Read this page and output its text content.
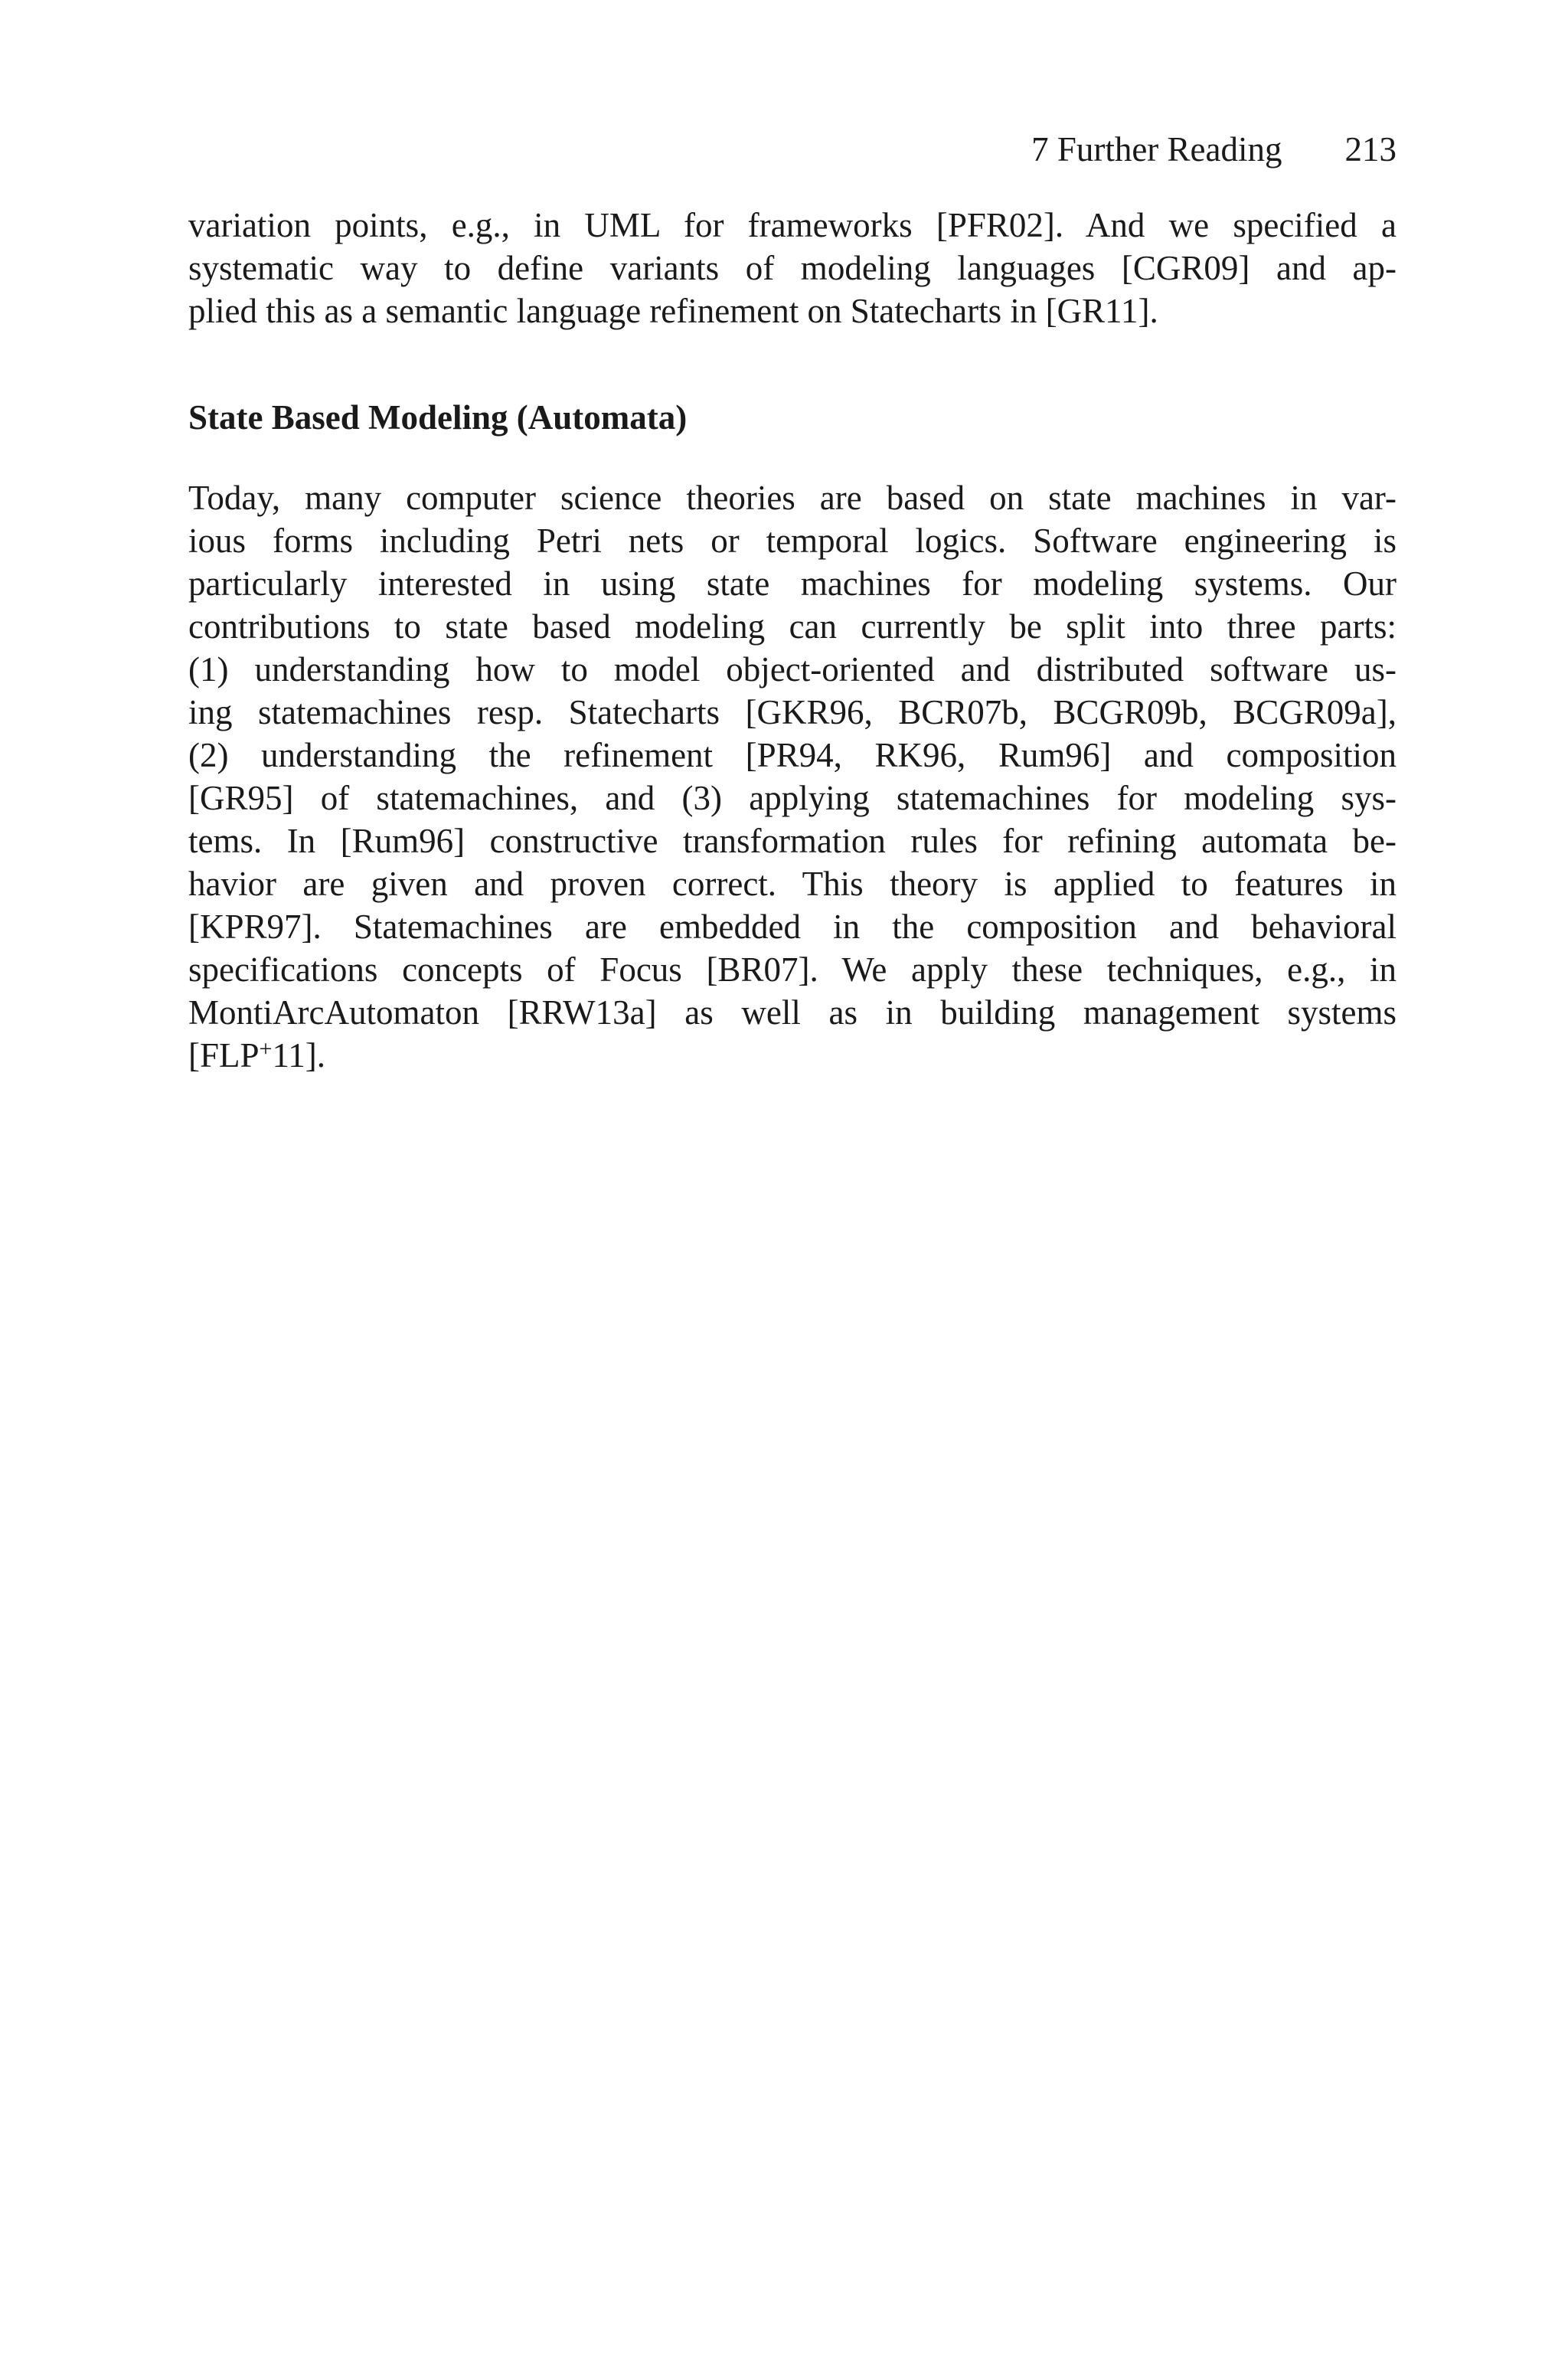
7 Further Reading 213
variation points, e.g., in UML for frameworks [PFR02]. And we specified a
systematic way to define variants of modeling languages [CGR09] and ap-
plied this as a semantic language refinement on Statecharts in [GR11].
State Based Modeling (Automata)
Today, many computer science theories are based on state machines in var-
ious forms including Petri nets or temporal logics. Software engineering is
particularly interested in using state machines for modeling systems. Our
contributions to state based modeling can currently be split into three parts:
(1) understanding how to model object-oriented and distributed software us-
ing statemachines resp. Statecharts [GKR96, BCR07b, BCGR09b, BCGR09a],
(2) understanding the refinement [PR94, RK96, Rum96] and composition
[GR95] of statemachines, and (3) applying statemachines for modeling sys-
tems. In [Rum96] constructive transformation rules for refining automata be-
havior are given and proven correct. This theory is applied to features in
[KPR97]. Statemachines are embedded in the composition and behavioral
specifications concepts of Focus [BR07]. We apply these techniques, e.g., in
MontiArcAutomaton [RRW13a] as well as in building management systems
[FLP+11].
